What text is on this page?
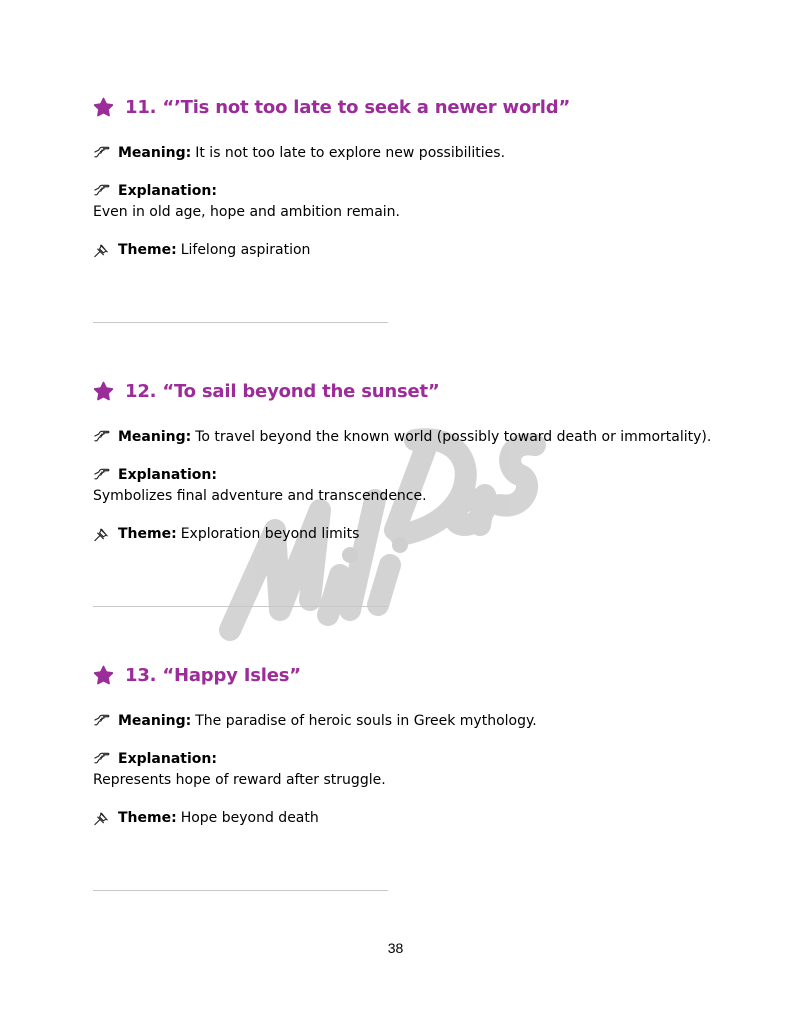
11. “’Tis not too late to seek a newer world”
Meaning: It is not too late to explore new possibilities.
Explanation:
Even in old age, hope and ambition remain.
Theme: Lifelong aspiration
12. “To sail beyond the sunset”
Meaning: To travel beyond the known world (possibly toward death or immortality).
Explanation:
Symbolizes final adventure and transcendence.
Theme: Exploration beyond limits
13. “Happy Isles”
Meaning: The paradise of heroic souls in Greek mythology.
Explanation:
Represents hope of reward after struggle.
Theme: Hope beyond death
38
